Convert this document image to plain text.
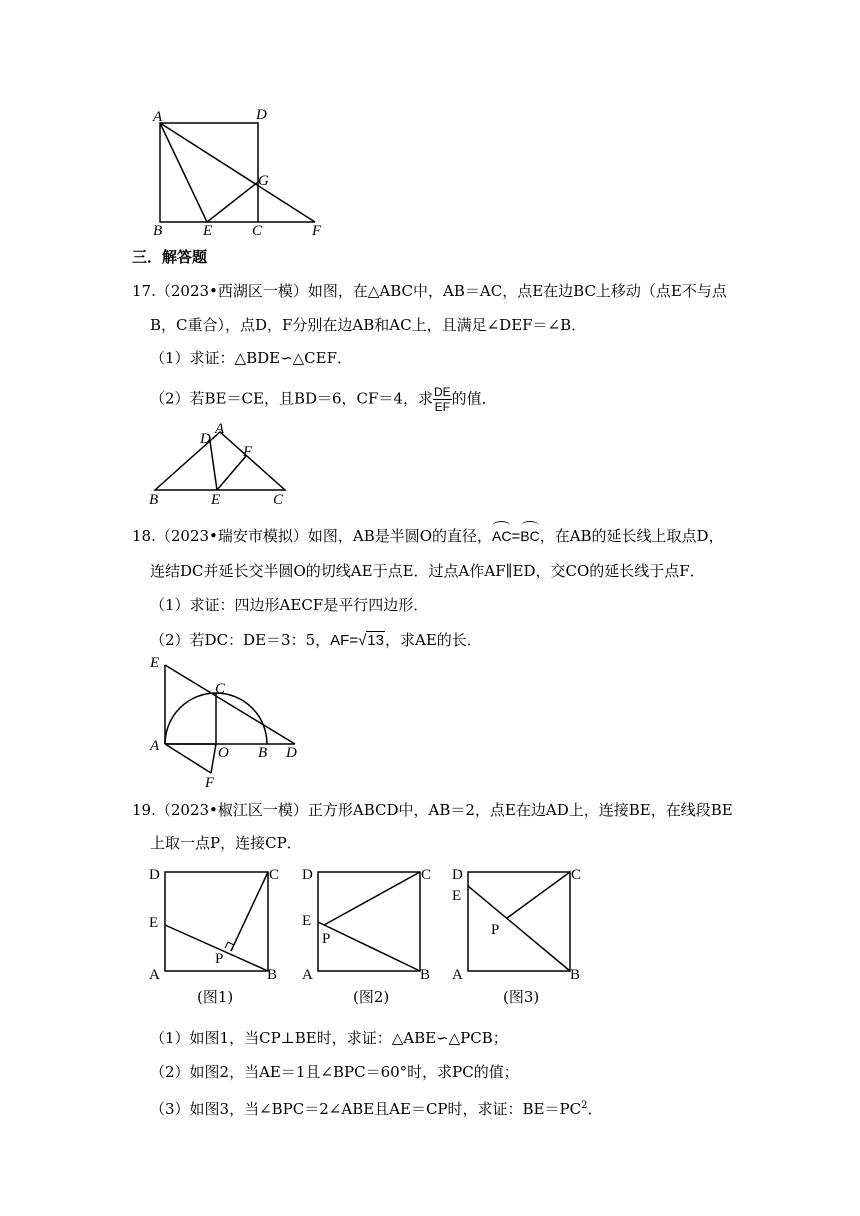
A	D
G
B	E	C	F
三．解答题
17.（2023•西湖区一模）如图，在△ABC中，AB＝AC，点E在边BC上移动（点E不与点
B，C重合），点D，F分别在边AB和AC上，且满足∠DEF＝∠B．
（1）求证：△BDE∽△CEF．
（2）若BE＝CE，且BD＝6，CF＝4，求 $\frac{DE}{EF}$ 的值．
D
A
F
B	E	C
18.（2023•瑞安市模拟）如图，AB是半圆O的直径，AC=BC，在AB的延长线上取点D，
连结DC并延长交半圆O的切线AE于点E．过点A作AF∥ED，交CO的延长线于点F．
（1）求证：四边形AECF是平行四边形．
（2）若DC：DE＝3：5，AF=√13，求AE的长．
E
C
A	O B D
F
19.（2023•椒江区一模）正方形ABCD中，AB＝2，点E在边AD上，连接BE，在线段BE
上取一点P，连接CP．
D	C
E
P
A	B
(图1)
D	C
E
P
A	B
(图2)
D	C
E
P
A	B
(图3)
（1）如图1，当CP⊥BE时，求证：△ABE∽△PCB；
（2）如图2，当AE＝1且∠BPC＝60°时，求PC的值；
（3）如图3，当∠BPC＝2∠ABE且AE＝CP时，求证：$BE=PC^2$．
